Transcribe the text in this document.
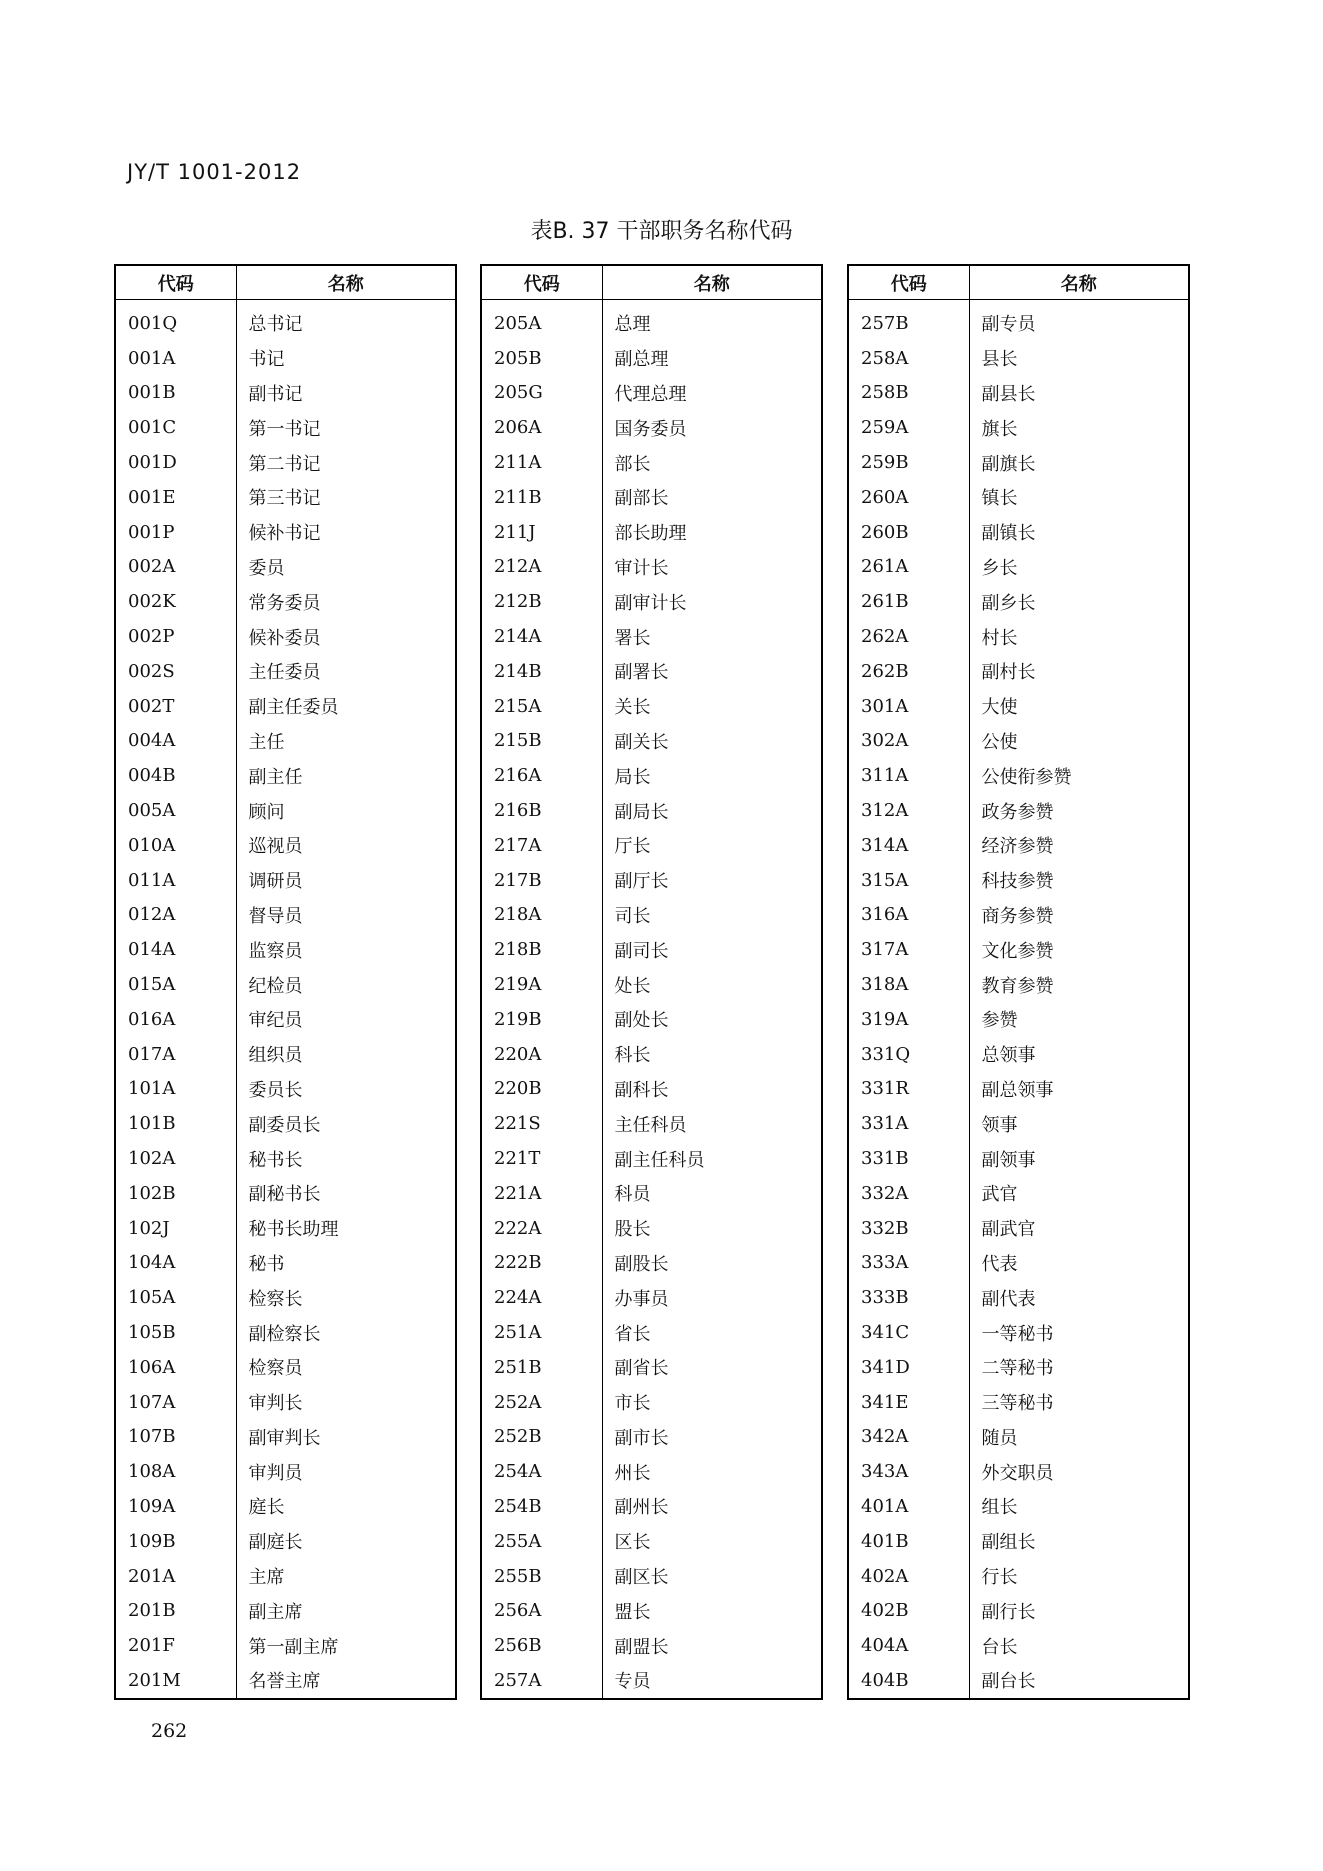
JY/T 1001-2012
表B. 37 干部职务名称代码
代码	名称
001Q	总书记
001A	书记
001B	副书记
001C	第一书记
001D	第二书记
001E	第三书记
001P	候补书记
002A	委员
002K	常务委员
002P	候补委员
002S	主任委员
002T	副主任委员
004A	主任
004B	副主任
005A	顾问
010A	巡视员
011A	调研员
012A	督导员
014A	监察员
015A	纪检员
016A	审纪员
017A	组织员
101A	委员长
101B	副委员长
102A	秘书长
102B	副秘书长
102J	秘书长助理
104A	秘书
105A	检察长
105B	副检察长
106A	检察员
107A	审判长
107B	副审判长
108A	审判员
109A	庭长
109B	副庭长
201A	主席
201B	副主席
201F	第一副主席
201M	名誉主席
代码	名称
205A	总理
205B	副总理
205G	代理总理
206A	国务委员
211A	部长
211B	副部长
211J	部长助理
212A	审计长
212B	副审计长
214A	署长
214B	副署长
215A	关长
215B	副关长
216A	局长
216B	副局长
217A	厅长
217B	副厅长
218A	司长
218B	副司长
219A	处长
219B	副处长
220A	科长
220B	副科长
221S	主任科员
221T	副主任科员
221A	科员
222A	股长
222B	副股长
224A	办事员
251A	省长
251B	副省长
252A	市长
252B	副市长
254A	州长
254B	副州长
255A	区长
255B	副区长
256A	盟长
256B	副盟长
257A	专员
代码	名称
257B	副专员
258A	县长
258B	副县长
259A	旗长
259B	副旗长
260A	镇长
260B	副镇长
261A	乡长
261B	副乡长
262A	村长
262B	副村长
301A	大使
302A	公使
311A	公使衔参赞
312A	政务参赞
314A	经济参赞
315A	科技参赞
316A	商务参赞
317A	文化参赞
318A	教育参赞
319A	参赞
331Q	总领事
331R	副总领事
331A	领事
331B	副领事
332A	武官
332B	副武官
333A	代表
333B	副代表
341C	一等秘书
341D	二等秘书
341E	三等秘书
342A	随员
343A	外交职员
401A	组长
401B	副组长
402A	行长
402B	副行长
404A	台长
404B	副台长
262
